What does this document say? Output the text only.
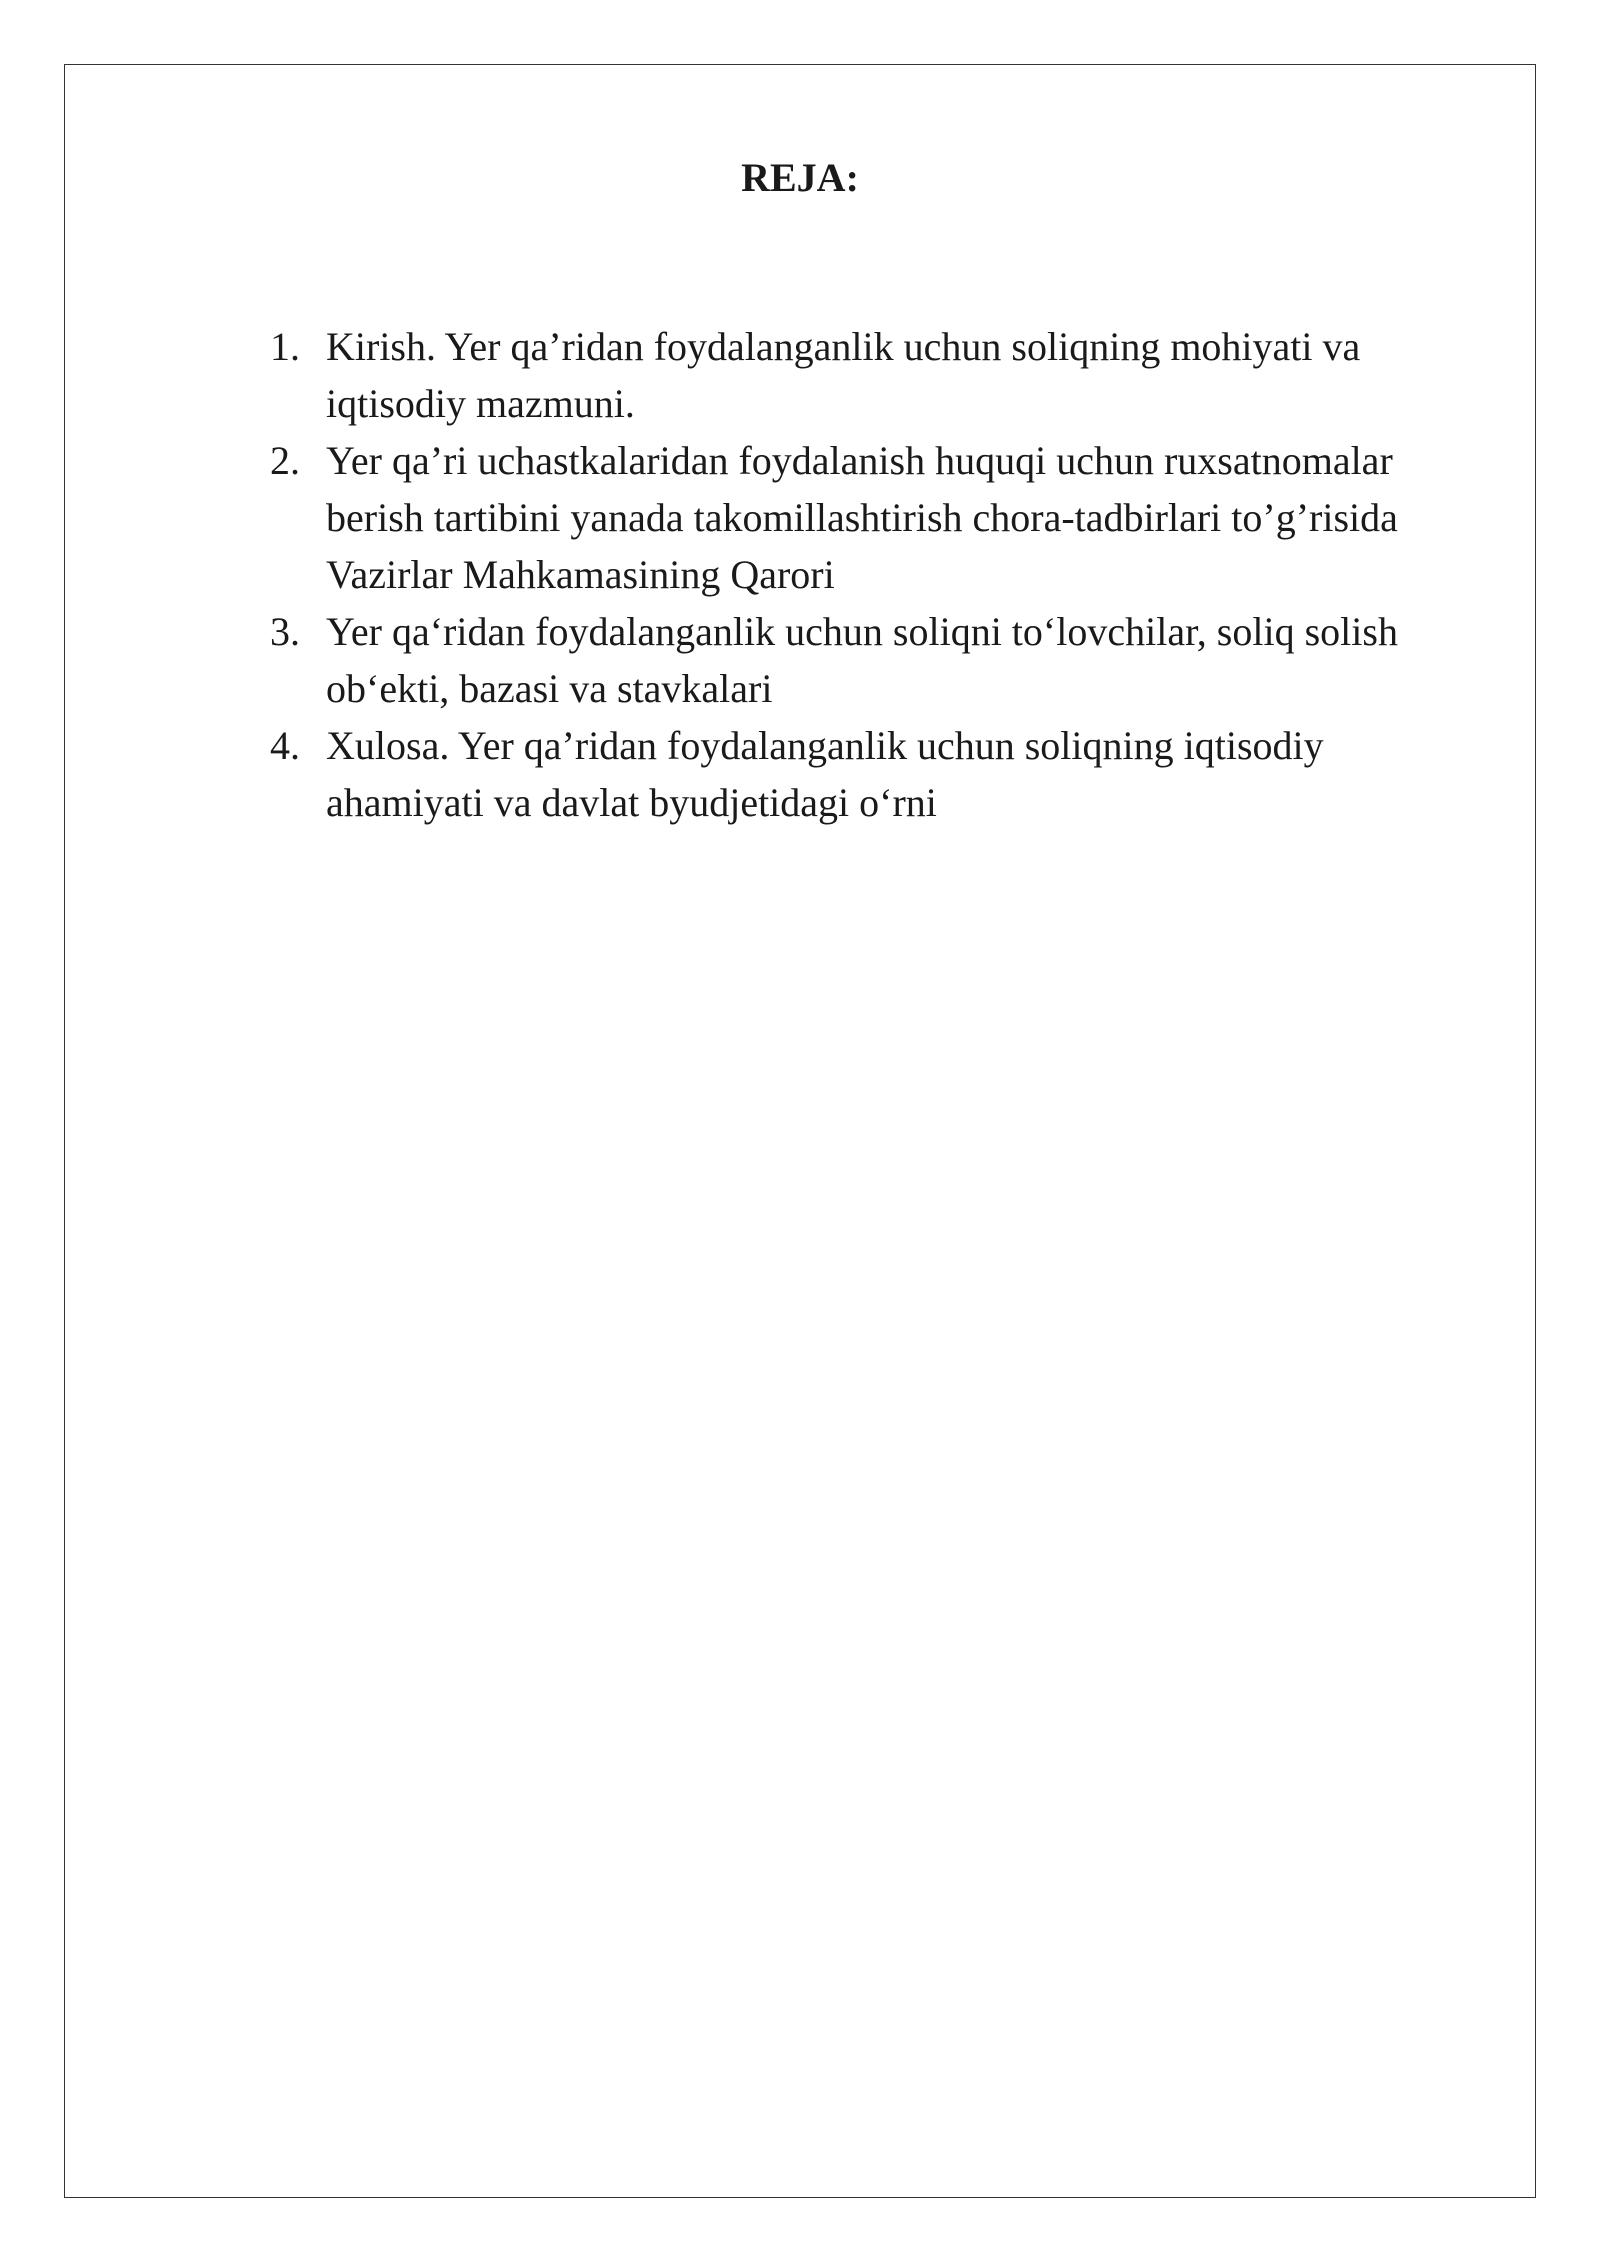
REJA:
1. Kirish. Yer qa’ridan foydalanganlik uchun soliqning mohiyati va iqtisodiy mazmuni.
2. Yer qa’ri uchastkalaridan foydalanish huquqi uchun ruxsatnomalar berish tartibini yanada takomillashtirish chora-tadbirlari to’g’risida Vazirlar Mahkamasining Qarori
3. Yer qa‘ridan foydalanganlik uchun soliqni to‘lovchilar, soliq solish ob‘ekti, bazasi va stavkalari
4. Xulosa. Yer qa’ridan foydalanganlik uchun soliqning iqtisodiy ahamiyati va davlat byudjetidagi o‘rni
